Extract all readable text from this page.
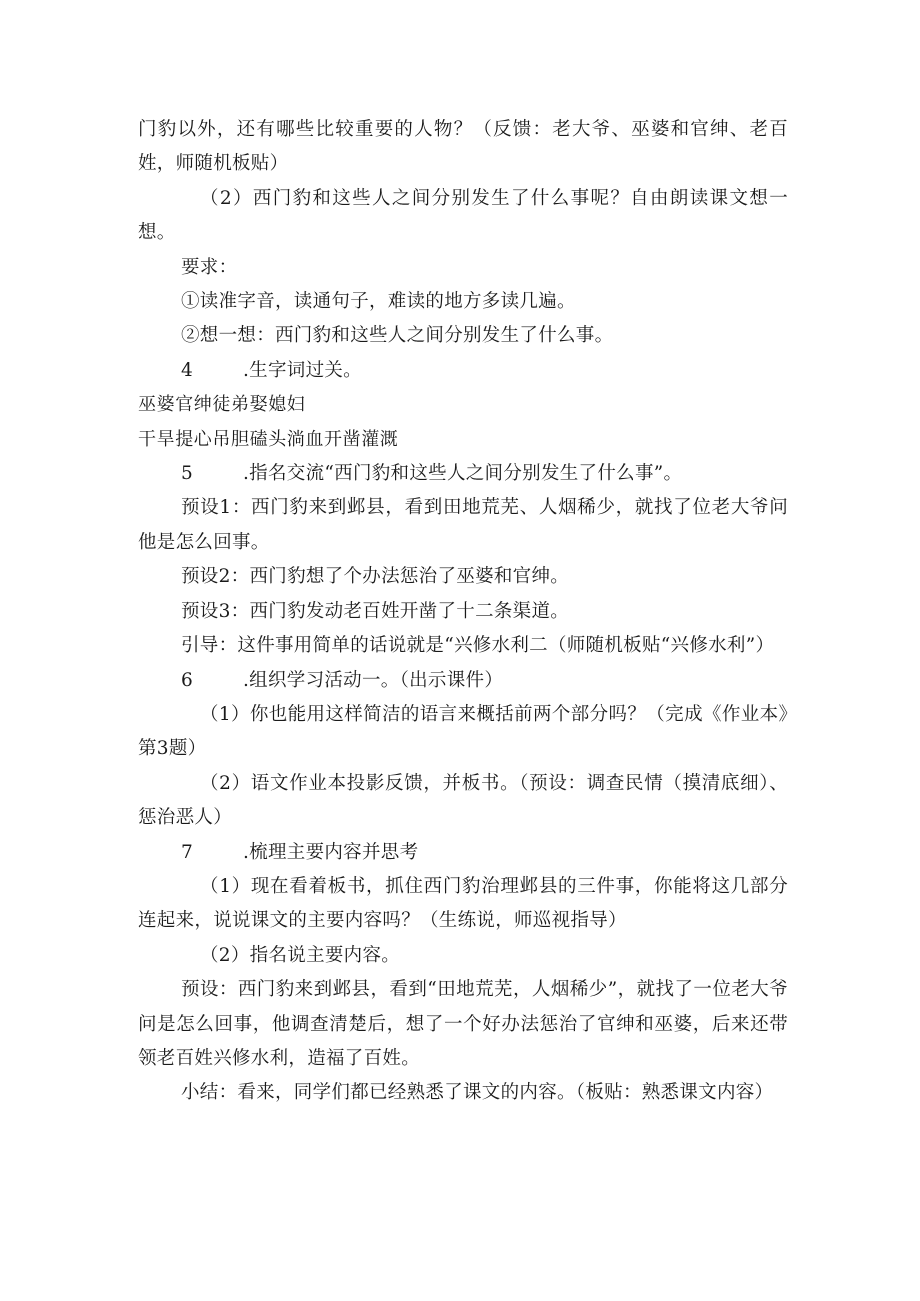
门豹以外，还有哪些比较重要的人物？（反馈：老大爷、巫婆和官绅、老百姓，师随机板贴）

（2）西门豹和这些人之间分别发生了什么事呢？自由朗读课文想一想。

要求：

①读准字音，读通句子，难读的地方多读几遍。

②想一想：西门豹和这些人之间分别发生了什么事。

4	.生字词过关。

巫婆官绅徒弟娶媳妇

干旱提心吊胆磕头淌血开凿灌溉

5	.指名交流“西门豹和这些人之间分别发生了什么事”。

预设1：西门豹来到邺县，看到田地荒芜、人烟稀少，就找了位老大爷问他是怎么回事。

预设2：西门豹想了个办法惩治了巫婆和官绅。

预设3：西门豹发动老百姓开凿了十二条渠道。

引导：这件事用简单的话说就是“兴修水利二（师随机板贴“兴修水利”）

6	.组织学习活动一。（出示课件）

（1）你也能用这样简洁的语言来概括前两个部分吗？（完成《作业本》第3题）

（2）语文作业本投影反馈，并板书。（预设：调查民情（摸清底细）、惩治恶人）

7	.梳理主要内容并思考

（1）现在看着板书，抓住西门豹治理邺县的三件事，你能将这几部分连起来，说说课文的主要内容吗？（生练说，师巡视指导）

（2）指名说主要内容。

预设：西门豹来到邺县，看到“田地荒芜，人烟稀少”，就找了一位老大爷问是怎么回事，他调查清楚后，想了一个好办法惩治了官绅和巫婆，后来还带领老百姓兴修水利，造福了百姓。

小结：看来，同学们都已经熟悉了课文的内容。（板贴：熟悉课文内容）
